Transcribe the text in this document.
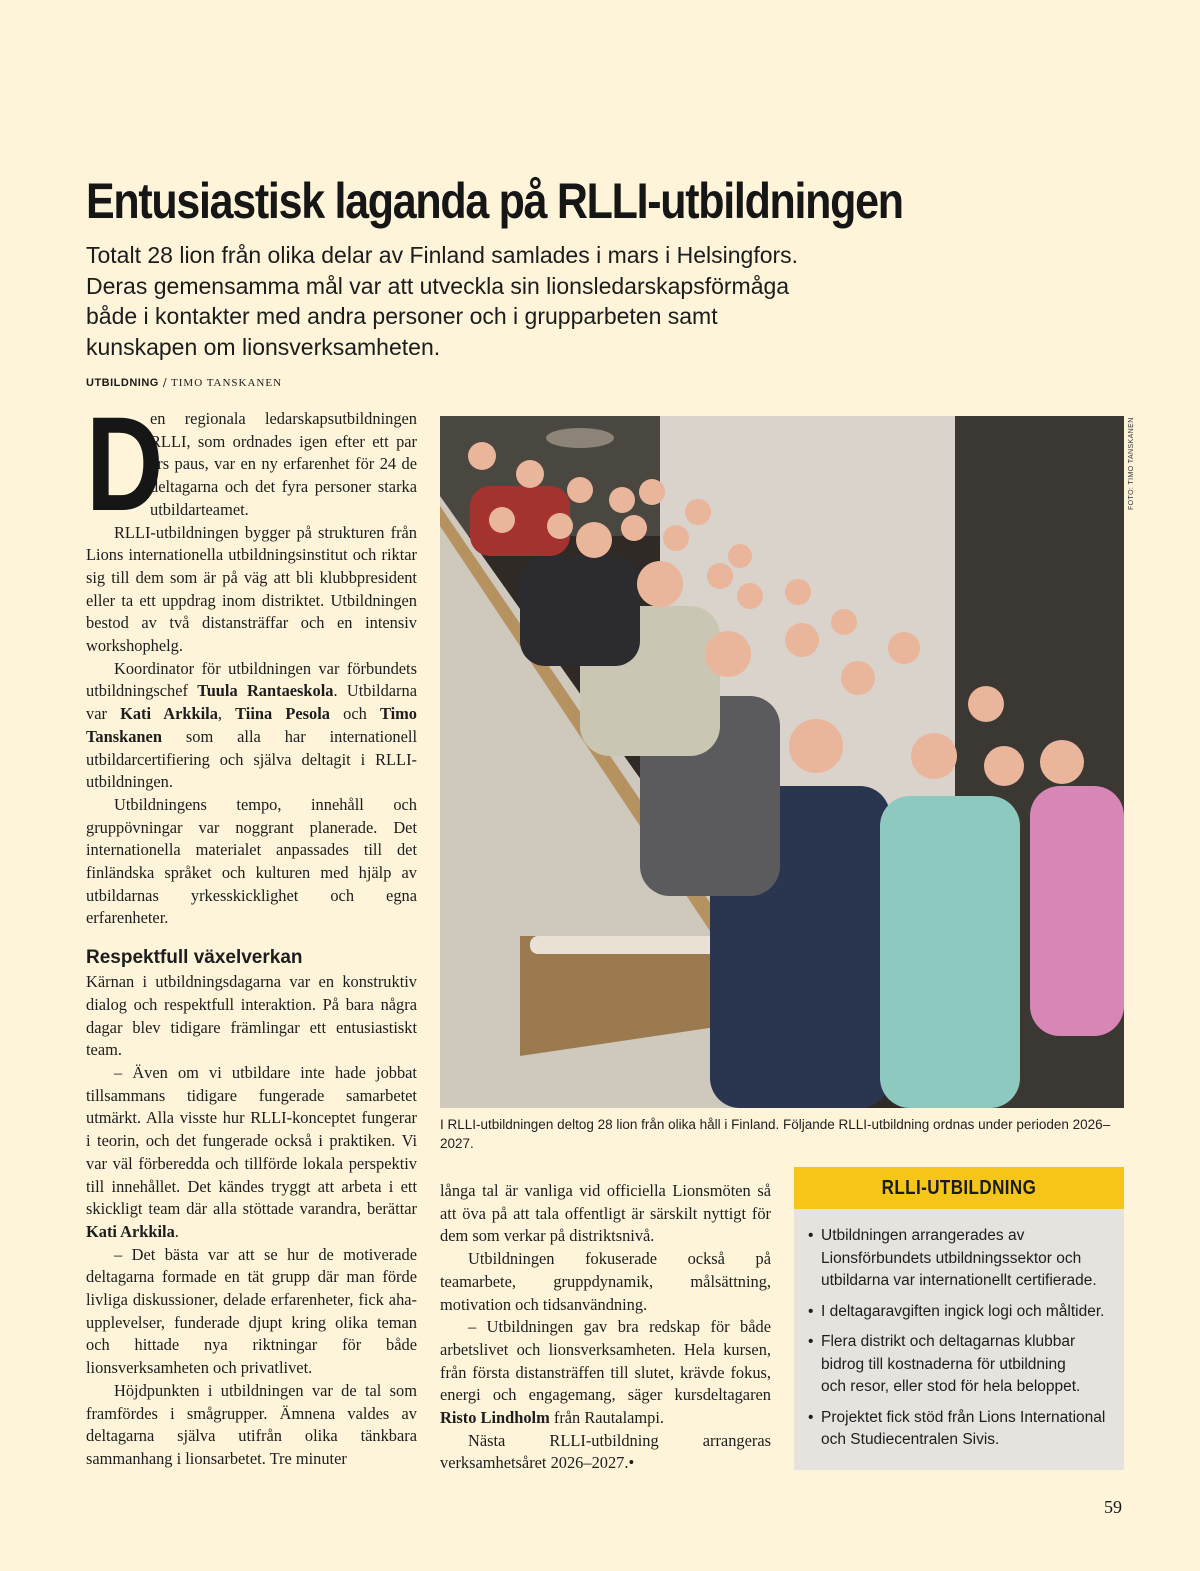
Entusiastisk laganda på RLLI-utbildningen
Totalt 28 lion från olika delar av Finland samlades i mars i Helsingfors.
Deras gemensamma mål var att utveckla sin lionsledarskapsförmåga
både i kontakter med andra personer och i grupparbeten samt
kunskapen om lionsverksamheten.
UTBILDNING / TIMO TANSKANEN
D

en regionala ledarskapsutbildningen RLLI, som ordnades igen efter ett par års paus, var en ny erfarenhet för 24 de deltagarna och det fyra personer starka utbildarteamet.

RLLI-utbildningen bygger på strukturen från Lions internationella utbildningsinstitut och riktar sig till dem som är på väg att bli klubbpresident eller ta ett uppdrag inom distriktet. Utbildningen bestod av två distansträffar och en intensiv workshophelg.

Koordinator för utbildningen var förbundets utbildningschef Tuula Rantaeskola. Utbildarna var Kati Arkkila, Tiina Pesola och Timo Tanskanen som alla har internationell utbildarcertifiering och själva deltagit i RLLI-utbildningen.

Utbildningens tempo, innehåll och gruppövningar var noggrant planerade. Det internationella materialet anpassades till det finländska språket och kulturen med hjälp av utbildarnas yrkesskicklighet och egna erfarenheter.

Respektfull växelverkan

Kärnan i utbildningsdagarna var en konstruktiv dialog och respektfull interaktion. På bara några dagar blev tidigare främlingar ett entusiastiskt team.

– Även om vi utbildare inte hade jobbat tillsammans tidigare fungerade samarbetet utmärkt. Alla visste hur RLLI-konceptet fungerar i teorin, och det fungerade också i praktiken. Vi var väl förberedda och tillförde lokala perspektiv till innehållet. Det kändes tryggt att arbeta i ett skickligt team där alla stöttade varandra, berättar Kati Arkkila.

– Det bästa var att se hur de motiverade deltagarna formade en tät grupp där man förde livliga diskussioner, delade erfarenheter, fick aha-upplevelser, funderade djupt kring olika teman och hittade nya riktningar för både lionsverksamheten och privatlivet.

Höjdpunkten i utbildningen var de tal som framfördes i smågrupper. Ämnena valdes av deltagarna själva utifrån olika tänkbara sammanhang i lionsarbetet. Tre minuter

FOTO: TIMO TANSKANEN
I RLLI-utbildningen deltog 28 lion från olika håll i Finland. Följande RLLI-utbildning ordnas under perioden 2026–2027.

långa tal är vanliga vid officiella Lionsmöten så att öva på att tala offentligt är särskilt nyttigt för dem som verkar på distriktsnivå.

Utbildningen fokuserade också på teamarbete, gruppdynamik, målsättning, motivation och tidsanvändning.

– Utbildningen gav bra redskap för både arbetslivet och lionsverksamheten. Hela kursen, från första distansträffen till slutet, krävde fokus, energi och engagemang, säger kursdeltagaren Risto Lindholm från Rautalampi.

Nästa RLLI-utbildning arrangeras verksamhetsåret 2026–2027.•

RLLI-UTBILDNING
• Utbildningen arrangerades av
Lionsförbundets utbildningssektor och
utbildarna var internationellt certifierade.
• I deltagaravgiften ingick logi och måltider.
• Flera distrikt och deltagarnas klubbar
bidrog till kostnaderna för utbildning
och resor, eller stod för hela beloppet.
• Projektet fick stöd från Lions International
och Studiecentralen Sivis.
59
